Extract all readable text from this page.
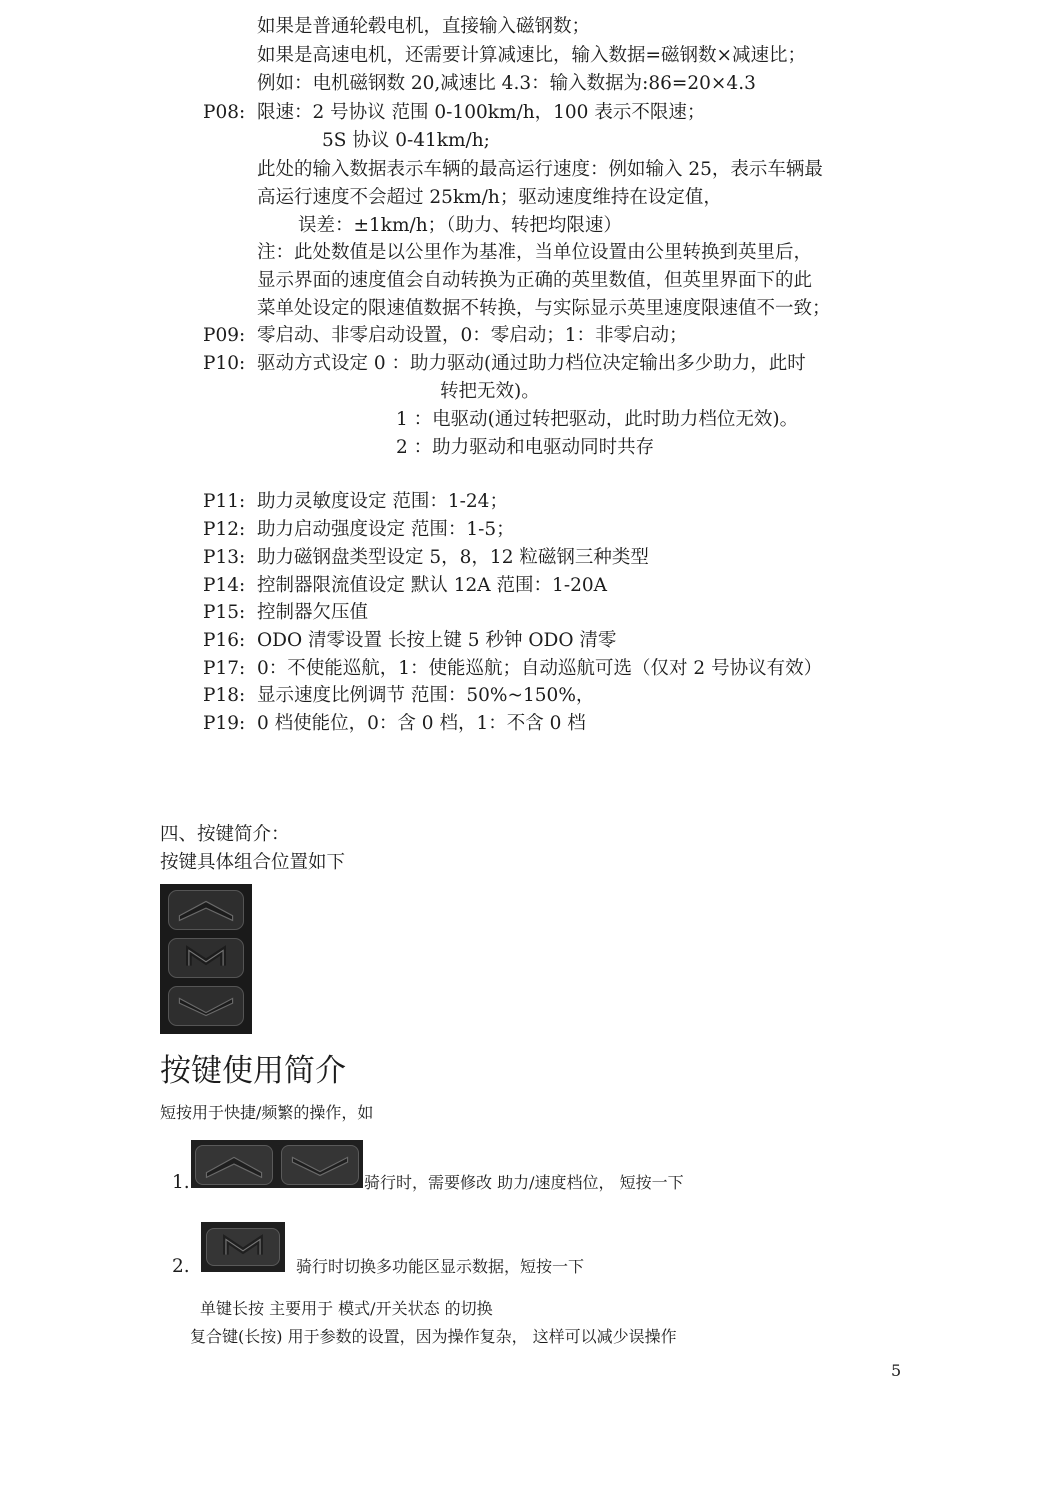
如果是普通轮毂电机，直接输入磁钢数；
如果是高速电机，还需要计算减速比，输入数据=磁钢数×减速比；
例如：电机磁钢数 20,减速比 4.3：输入数据为:86=20×4.3
P08: 限速：2 号协议 范围 0-100km/h，100 表示不限速；
5S 协议 0-41km/h;
此处的输入数据表示车辆的最高运行速度：例如输入 25，表示车辆最
高运行速度不会超过 25km/h；驱动速度维持在设定值，
误差：±1km/h；（助力、转把均限速）
注：此处数值是以公里作为基准，当单位设置由公里转换到英里后，
显示界面的速度值会自动转换为正确的英里数值，但英里界面下的此
菜单处设定的限速值数据不转换，与实际显示英里速度限速值不一致；
P09: 零启动、非零启动设置，0：零启动；1：非零启动；
P10: 驱动方式设定 0 ：助力驱动(通过助力档位决定输出多少助力，此时
转把无效)。
1 ：电驱动(通过转把驱动，此时助力档位无效)。
2 ：助力驱动和电驱动同时共存
P11: 助力灵敏度设定 范围：1-24；
P12: 助力启动强度设定 范围：1-5；
P13: 助力磁钢盘类型设定 5，8，12 粒磁钢三种类型
P14: 控制器限流值设定 默认 12A 范围：1-20A
P15: 控制器欠压值
P16: ODO 清零设置 长按上键 5 秒钟 ODO 清零
P17: 0：不使能巡航，1：使能巡航；自动巡航可选（仅对 2 号协议有效）
P18: 显示速度比例调节 范围：50%~150%，
P19: 0 档使能位，0：含 0 档，1：不含 0 档
四、按键简介：
按键具体组合位置如下
按键使用简介
短按用于快捷/频繁的操作，如
1.	骑行时，需要修改 助力/速度档位， 短按一下
2.	骑行时切换多功能区显示数据，短按一下
单键长按 主要用于 模式/开关状态 的切换
复合键(长按) 用于参数的设置，因为操作复杂， 这样可以减少误操作
5
